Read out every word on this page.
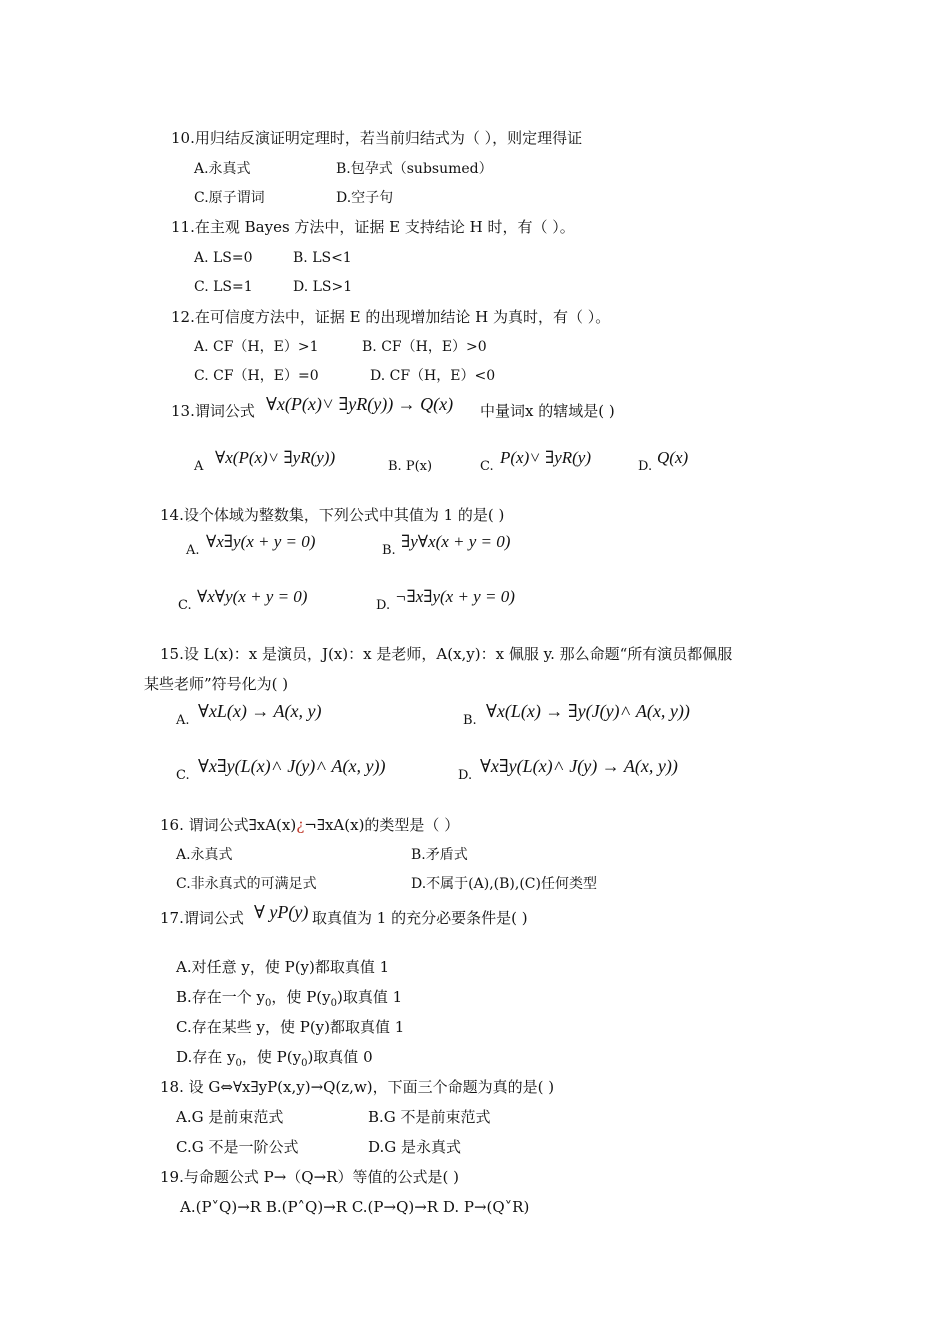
10.用归结反演证明定理时，若当前归结式为（ ），则定理得证
A.永真式	B.包孕式（subsumed）
C.原子谓词	D.空子句
11.在主观 Bayes 方法中，证据 E 支持结论 H 时，有（ ）。
A. LS=0	B. LS<1
C. LS=1	D. LS>1
12.在可信度方法中，证据 E 的出现增加结论 H 为真时，有（ ）。
A. CF（H，E）>1	B. CF（H，E）>0
C. CF（H，E）=0	D. CF（H，E）<0
13.谓词公式 ∀x(P(x)˅ ∃yR(y)) → Q(x) 中量词x 的辖域是( )
A ∀x(P(x)˅ ∃yR(y))	B. P(x)	C. P(x)˅ ∃yR(y)	D. Q(x)
14.设个体域为整数集，下列公式中其值为 1 的是( )
A. ∀x∃y(x + y = 0)	B. ∃y∀x(x + y = 0)
C. ∀x∀y(x + y = 0)	D. ¬∃x∃y(x + y = 0)
15.设 L(x)：x 是演员，J(x)：x 是老师，A(x,y)：x 佩服 y. 那么命题“所有演员都佩服
某些老师”符号化为( )
A. ∀xL(x) → A(x, y)	B. ∀x(L(x) → ∃y(J(y)˄ A(x, y))
C. ∀x∃y(L(x)˄ J(y)˄ A(x, y))	D. ∀x∃y(L(x)˄ J(y) → A(x, y))
16. 谓词公式∃xA(x)¿¬∃xA(x)的类型是（ ）
A.永真式	B.矛盾式
C.非永真式的可满足式	D.不属于(A),(B),(C)任何类型
17.谓词公式 ∀ yP(y) 取真值为 1 的充分必要条件是( )
A.对任意 y，使 P(y)都取真值 1
B.存在一个 $y_0$，使 $P(y_0)$取真值 1
C.存在某些 y，使 P(y)都取真值 1
D.存在 $y_0$，使 $P(y_0)$取真值 0
18. 设 G⇔∀x∃yP(x,y)→Q(z,w)，下面三个命题为真的是( )
A.G 是前束范式	B.G 不是前束范式
C.G 不是一阶公式	D.G 是永真式
19.与命题公式 P→（Q→R）等值的公式是( )
A.(P˅Q)→R B.(P˄Q)→R C.(P→Q)→R D. P→(Q˅R)
